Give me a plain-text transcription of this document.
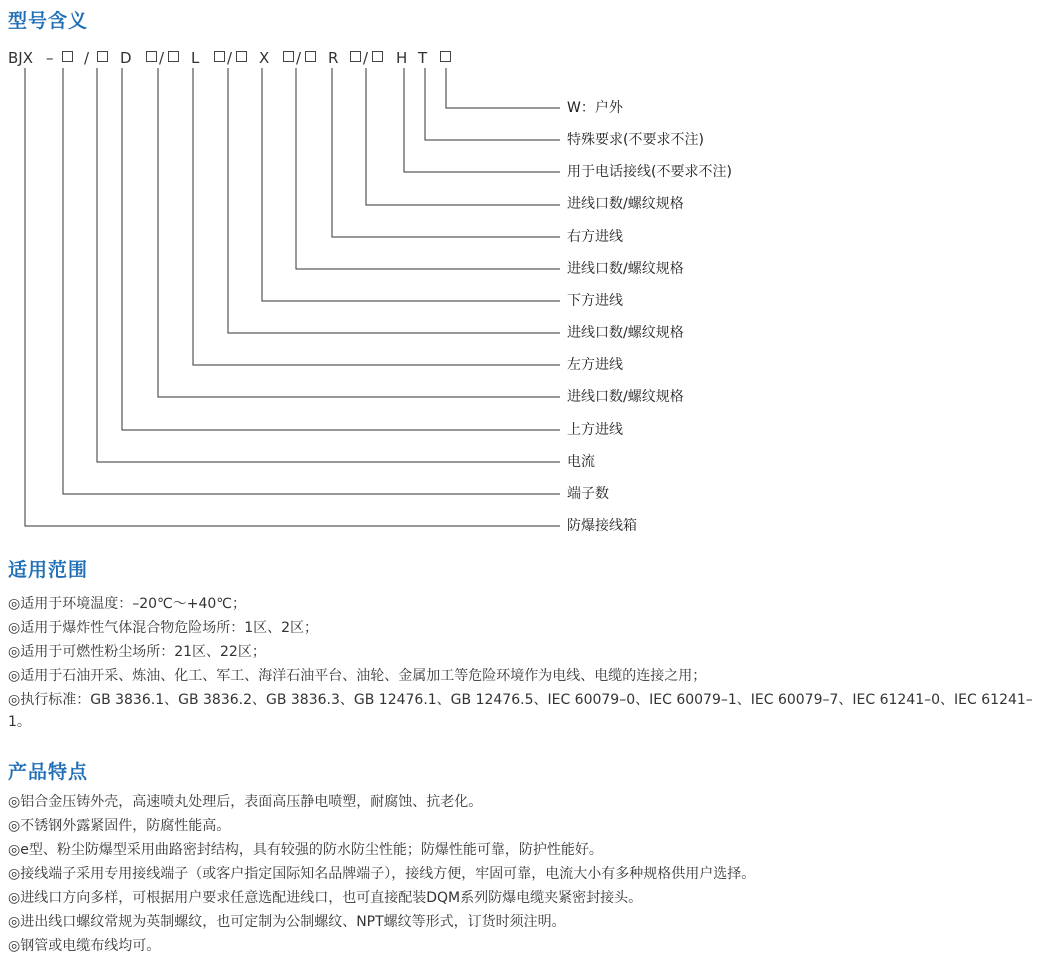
型号含义
BJX – / D / L / X / R / H T
W：户外
特殊要求(不要求不注)
用于电话接线(不要求不注)
进线口数/螺纹规格
右方进线
进线口数/螺纹规格
下方进线
进线口数/螺纹规格
左方进线
进线口数/螺纹规格
上方进线
电流
端子数
防爆接线箱
适用范围
◎适用于环境温度：–20℃～+40℃；
◎适用于爆炸性气体混合物危险场所：1区、2区；
◎适用于可燃性粉尘场所：21区、22区；
◎适用于石油开采、炼油、化工、军工、海洋石油平台、油轮、金属加工等危险环境作为电线、电缆的连接之用；
◎执行标准：GB 3836.1、GB 3836.2、GB 3836.3、GB 12476.1、GB 12476.5、IEC 60079–0、IEC 60079–1、IEC 60079–7、IEC 61241–0、IEC 61241–1。
产品特点
◎铝合金压铸外壳，高速喷丸处理后，表面高压静电喷塑，耐腐蚀、抗老化。
◎不锈钢外露紧固件，防腐性能高。
◎e型、粉尘防爆型采用曲路密封结构，具有较强的防水防尘性能；防爆性能可靠，防护性能好。
◎接线端子采用专用接线端子（或客户指定国际知名品牌端子），接线方便，牢固可靠，电流大小有多种规格供用户选择。
◎进线口方向多样，可根据用户要求任意选配进线口，也可直接配装DQM系列防爆电缆夹紧密封接头。
◎进出线口螺纹常规为英制螺纹，也可定制为公制螺纹、NPT螺纹等形式，订货时须注明。
◎钢管或电缆布线均可。
